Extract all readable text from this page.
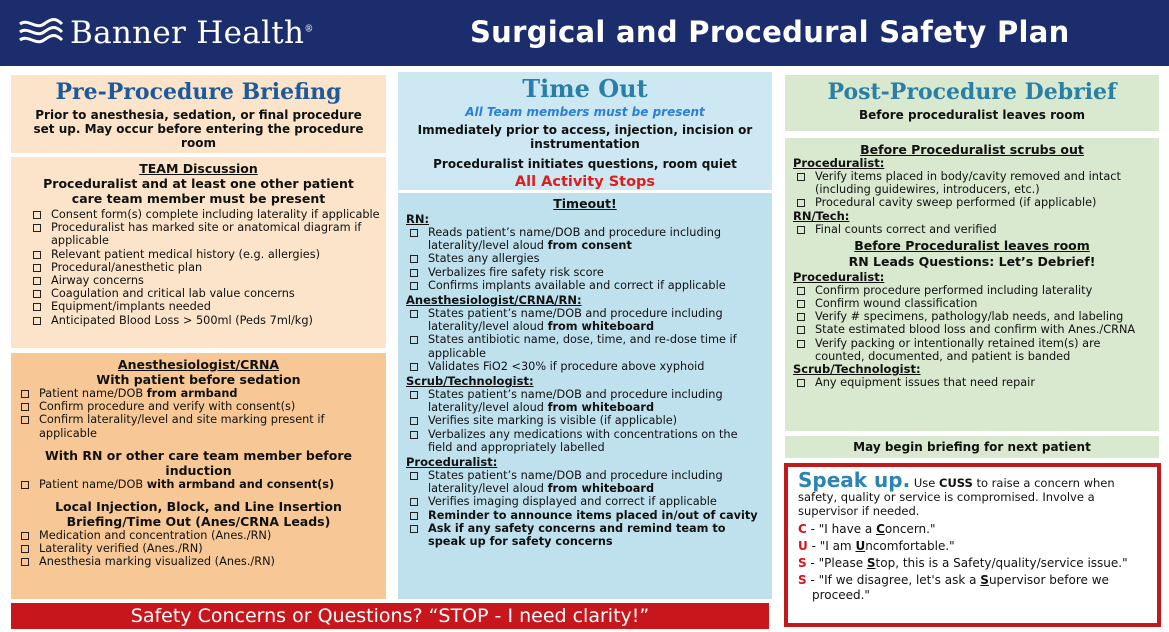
Banner Health®	Surgical and Procedural Safety Plan
Pre-Procedure Briefing
Prior to anesthesia, sedation, or final procedure set up. May occur before entering the procedure room
TEAM Discussion
Proceduralist and at least one other patient care team member must be present
Consent form(s) complete including laterality if applicable
Proceduralist has marked site or anatomical diagram if applicable
Relevant patient medical history (e.g. allergies)
Procedural/anesthetic plan
Airway concerns
Coagulation and critical lab value concerns
Equipment/implants needed
Anticipated Blood Loss > 500ml (Peds 7ml/kg)
Anesthesiologist/CRNA
With patient before sedation
Patient name/DOB from armband
Confirm procedure and verify with consent(s)
Confirm laterality/level and site marking present if applicable
With RN or other care team member before induction
Patient name/DOB with armband and consent(s)
Local Injection, Block, and Line Insertion Briefing/Time Out (Anes/CRNA Leads)
Medication and concentration (Anes./RN)
Laterality verified (Anes./RN)
Anesthesia marking visualized (Anes./RN)
Time Out
All Team members must be present
Immediately prior to access, injection, incision or instrumentation
Proceduralist initiates questions, room quiet
All Activity Stops
Timeout!
RN:
Reads patient’s name/DOB and procedure including laterality/level aloud from consent
States any allergies
Verbalizes fire safety risk score
Confirms implants available and correct if applicable
Anesthesiologist/CRNA/RN:
States patient’s name/DOB and procedure including laterality/level aloud from whiteboard
States antibiotic name, dose, time, and re-dose time if applicable
Validates FiO2 <30% if procedure above xyphoid
Scrub/Technologist:
States patient’s name/DOB and procedure including laterality/level aloud from whiteboard
Verifies site marking is visible (if applicable)
Verbalizes any medications with concentrations on the field and appropriately labelled
Proceduralist:
States patient’s name/DOB and procedure including laterality/level aloud from whiteboard
Verifies imaging displayed and correct if applicable
Reminder to announce items placed in/out of cavity
Ask if any safety concerns and remind team to speak up for safety concerns
Post-Procedure Debrief
Before proceduralist leaves room
Before Proceduralist scrubs out
Proceduralist:
Verify items placed in body/cavity removed and intact (including guidewires, introducers, etc.)
Procedural cavity sweep performed (if applicable)
RN/Tech:
Final counts correct and verified
Before Proceduralist leaves room
RN Leads Questions: Let’s Debrief!
Proceduralist:
Confirm procedure performed including laterality
Confirm wound classification
Verify # specimens, pathology/lab needs, and labeling
State estimated blood loss and confirm with Anes./CRNA
Verify packing or intentionally retained item(s) are counted, documented, and patient is banded
Scrub/Technologist:
Any equipment issues that need repair
May begin briefing for next patient
Speak up. Use CUSS to raise a concern when safety, quality or service is compromised. Involve a supervisor if needed.
C - "I have a Concern."
U - "I am Uncomfortable."
S - "Please Stop, this is a Safety/quality/service issue."
S - "If we disagree, let's ask a Supervisor before we proceed."
Safety Concerns or Questions? “STOP - I need clarity!”
